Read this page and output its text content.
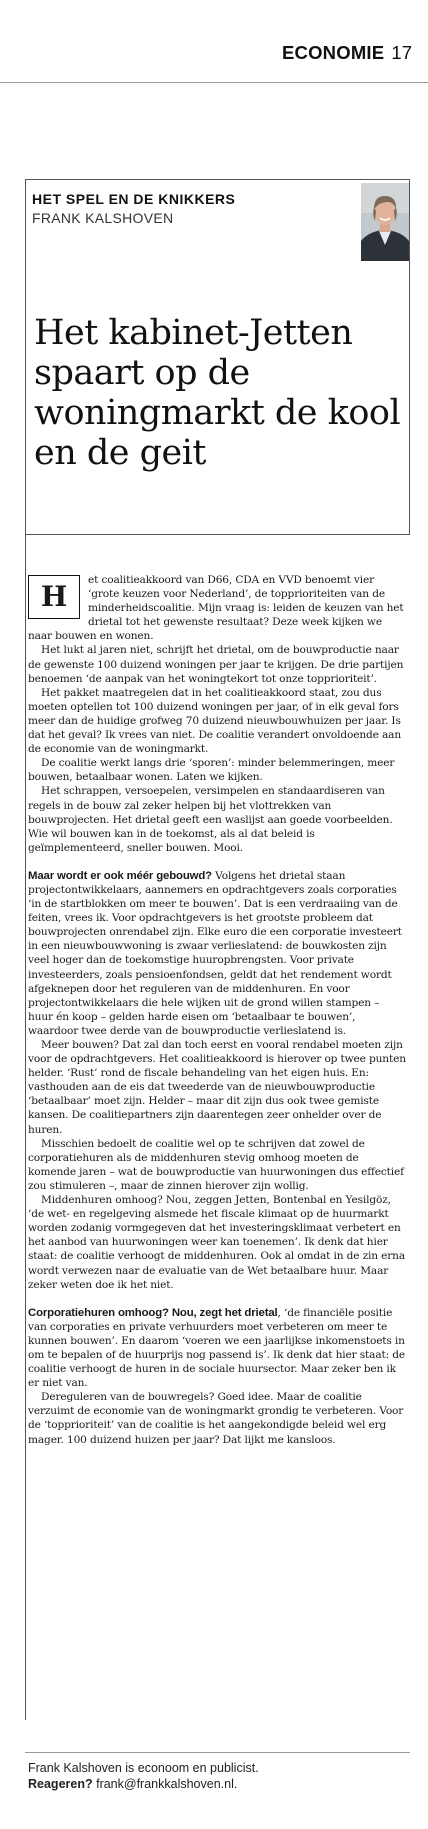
ECONOMIE 17
HET SPEL EN DE KNIKKERS
FRANK KALSHOVEN
Het kabinet-Jetten spaart op de woningmarkt de kool en de geit
H	et coalitieakkoord van D66, CDA en VVD benoemt vier ‘grote keuzen voor Nederland’, de topprioriteiten van de minderheidscoalitie. Mijn vraag is: leiden de keuzen van het drietal tot het gewenste resultaat? Deze week kijken we naar bouwen en wonen.

Het lukt al jaren niet, schrijft het drietal, om de bouwproductie naar de gewenste 100 duizend woningen per jaar te krijgen. De drie partijen benoemen ‘de aanpak van het woningtekort tot onze topprioriteit’.

Het pakket maatregelen dat in het coalitieakkoord staat, zou dus moeten optellen tot 100 duizend woningen per jaar, of in elk geval fors meer dan de huidige grofweg 70 duizend nieuwbouwhuizen per jaar. Is dat het geval? Ik vrees van niet. De coalitie verandert onvoldoende aan de economie van de woningmarkt.

De coalitie werkt langs drie ‘sporen’: minder belemmeringen, meer bouwen, betaalbaar wonen. Laten we kijken.

Het schrappen, versoepelen, versimpelen en standaardiseren van regels in de bouw zal zeker helpen bij het vlottrekken van bouwprojecten. Het drietal geeft een waslijst aan goede voorbeelden. Wie wil bouwen kan in de toekomst, als al dat beleid is geïmplementeerd, sneller bouwen. Mooi.

Maar wordt er ook méér gebouwd? Volgens het drietal staan projectontwikkelaars, aannemers en opdrachtgevers zoals corporaties ‘in de startblokken om meer te bouwen’. Dat is een verdraaiing van de feiten, vrees ik. Voor opdrachtgevers is het grootste probleem dat bouwprojecten onrendabel zijn. Elke euro die een corporatie investeert in een nieuwbouwwoning is zwaar verlieslatend: de bouwkosten zijn veel hoger dan de toekomstige huuropbrengsten. Voor private investeerders, zoals pensioenfondsen, geldt dat het rendement wordt afgeknepen door het reguleren van de middenhuren. En voor projectontwikkelaars die hele wijken uit de grond willen stampen – huur én koop – gelden harde eisen om ‘betaalbaar te bouwen’, waardoor twee derde van de bouwproductie verlieslatend is.

Meer bouwen? Dat zal dan toch eerst en vooral rendabel moeten zijn voor de opdrachtgevers. Het coalitieakkoord is hierover op twee punten helder. ‘Rust’ rond de fiscale behandeling van het eigen huis. En: vasthouden aan de eis dat tweederde van de nieuwbouwproductie ‘betaalbaar’ moet zijn. Helder – maar dit zijn dus ook twee gemiste kansen. De coalitiepartners zijn daarentegen zeer onhelder over de huren.

Misschien bedoelt de coalitie wel op te schrijven dat zowel de corporatiehuren als de middenhuren stevig omhoog moeten de komende jaren – wat de bouwproductie van huurwoningen dus effectief zou stimuleren –, maar de zinnen hierover zijn wollig.

Middenhuren omhoog? Nou, zeggen Jetten, Bontenbal en Yesilgöz, ‘de wet- en regelgeving alsmede het fiscale klimaat op de huurmarkt worden zodanig vormgegeven dat het investeringsklimaat verbetert en het aanbod van huurwoningen weer kan toenemen’. Ik denk dat hier staat: de coalitie verhoogt de middenhuren. Ook al omdat in de zin erna wordt verwezen naar de evaluatie van de Wet betaalbare huur. Maar zeker weten doe ik het niet.

Corporatiehuren omhoog? Nou, zegt het drietal, ‘de financiële positie van corporaties en private verhuurders moet verbeteren om meer te kunnen bouwen’. En daarom ‘voeren we een jaarlijkse inkomenstoets in om te bepalen of de huurprijs nog passend is’. Ik denk dat hier staat: de coalitie verhoogt de huren in de sociale huursector. Maar zeker ben ik er niet van.

Dereguleren van de bouwregels? Goed idee. Maar de coalitie verzuimt de economie van de woningmarkt grondig te verbeteren. Voor de ‘topprioriteit’ van de coalitie is het aangekondigde beleid wel erg mager. 100 duizend huizen per jaar? Dat lijkt me kansloos.

Frank Kalshoven is econoom en publicist.
Reageren? frank@frankkalshoven.nl.
